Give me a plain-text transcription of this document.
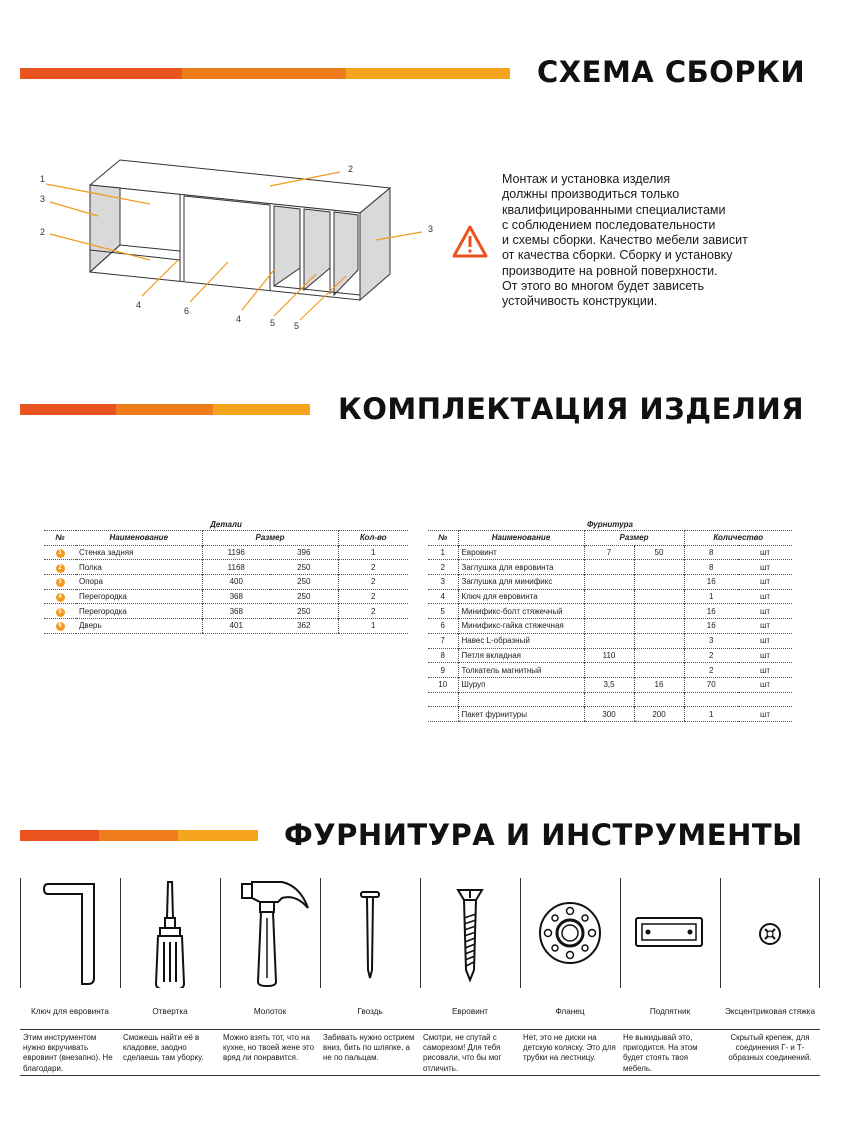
СХЕМА СБОРКИ
1
2
3
2	3
4
6
4	5 5
Монтаж и установка изделия
должны производиться только
квалифицированными специалистами
с соблюдением последовательности
и схемы сборки. Качество мебели зависит
от качества сборки. Сборку и установку
производите на ровной поверхности.
От этого во многом будет зависеть
устойчивость конструкции.
КОМПЛЕКТАЦИЯ ИЗДЕЛИЯ
Детали
№	Наименование	Размер		Кол-во
1	Стенка задняя	1196	396	1
2	Полка	1168	250	2
3	Опора	400	250	2
4	Перегородка	368	250	2
5	Перегородка	368	250	2
6	Дверь	401	362	1
Фурнитура
№	Наименование	Размер		Количество	
1	Евровинт	7	50	8	шт
2	Заглушка для евровинта			8	шт
3	Заглушка для минификс			16	шт
4	Ключ для евровинта			1	шт
5	Минификс-болт стяжечный			16	шт
6	Минификс-гайка стяжечная			16	шт
7	Навес L-образный			3	шт
8	Петля вкладная	110		2	шт
9	Толкатель магнитный			2	шт
10	Шуруп	3,5	16	70	шт

	Пакет фурнитуры	300	200	1	шт
ФУРНИТУРА И ИНСТРУМЕНТЫ
Ключ для евровинта
Этим инструментом нужно вкручивать евровинт (внезапно). Не благодари.
Отвертка
Сможешь найти её в кладовке, заодно сделаешь там уборку.
Молоток
Можно взять тот, что на кухне, но твоей жене это вряд ли понравится.
Гвоздь
Забивать нужно острием вниз, бить по шляпке, а не по пальцам.
Евровинт
Смотри, не спутай с саморезом! Для тебя рисовали, что бы мог отличить.
Фланец
Нет, это не диски на детскую коляску. Это для трубки на лестницу.
Подпятник
Не выкидывай это, пригодится. На этом будет стоять твоя мебель.
Эксцентриковая стяжка
Скрытый крепеж, для соединения Г- и Т-образных соединений.
